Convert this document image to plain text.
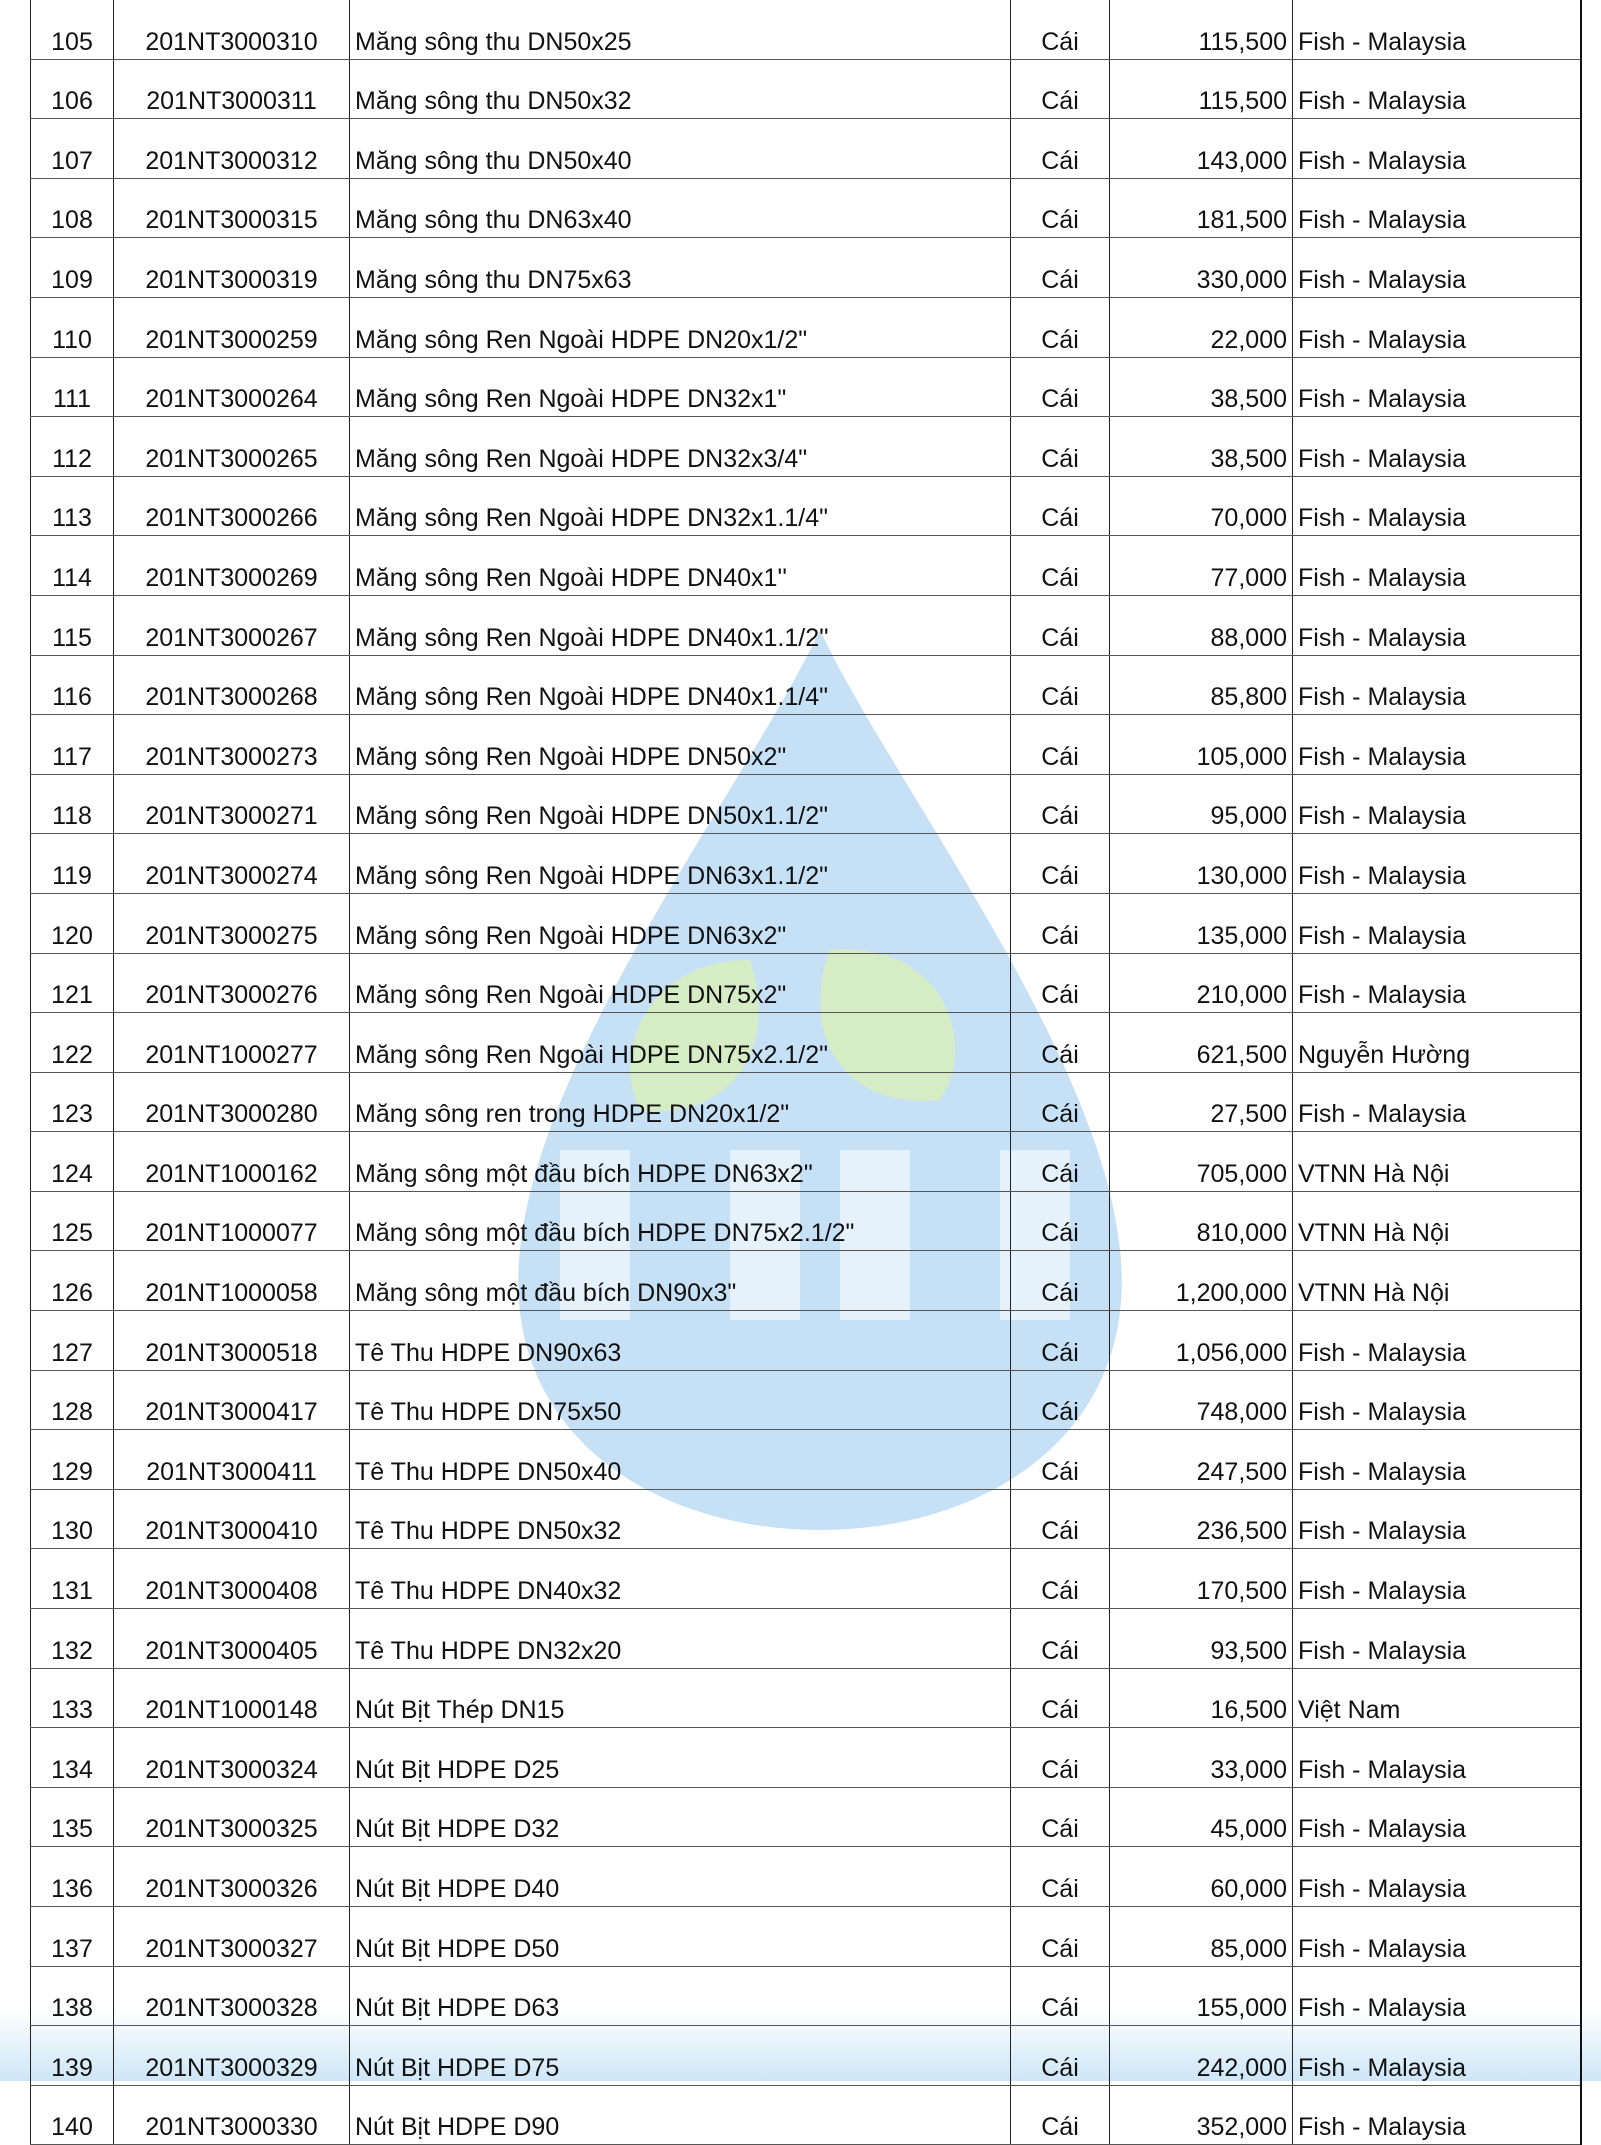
105	201NT3000310	Măng sông thu DN50x25	Cái	115,500	Fish - Malaysia
106	201NT3000311	Măng sông thu DN50x32	Cái	115,500	Fish - Malaysia
107	201NT3000312	Măng sông thu DN50x40	Cái	143,000	Fish - Malaysia
108	201NT3000315	Măng sông thu DN63x40	Cái	181,500	Fish - Malaysia
109	201NT3000319	Măng sông thu DN75x63	Cái	330,000	Fish - Malaysia
110	201NT3000259	Măng sông Ren Ngoài HDPE DN20x1/2"	Cái	22,000	Fish - Malaysia
111	201NT3000264	Măng sông Ren Ngoài HDPE DN32x1"	Cái	38,500	Fish - Malaysia
112	201NT3000265	Măng sông Ren Ngoài HDPE DN32x3/4"	Cái	38,500	Fish - Malaysia
113	201NT3000266	Măng sông Ren Ngoài HDPE DN32x1.1/4"	Cái	70,000	Fish - Malaysia
114	201NT3000269	Măng sông Ren Ngoài HDPE DN40x1''	Cái	77,000	Fish - Malaysia
115	201NT3000267	Măng sông Ren Ngoài HDPE DN40x1.1/2''	Cái	88,000	Fish - Malaysia
116	201NT3000268	Măng sông Ren Ngoài HDPE DN40x1.1/4"	Cái	85,800	Fish - Malaysia
117	201NT3000273	Măng sông Ren Ngoài HDPE DN50x2"	Cái	105,000	Fish - Malaysia
118	201NT3000271	Măng sông Ren Ngoài HDPE DN50x1.1/2"	Cái	95,000	Fish - Malaysia
119	201NT3000274	Măng sông Ren Ngoài HDPE DN63x1.1/2"	Cái	130,000	Fish - Malaysia
120	201NT3000275	Măng sông Ren Ngoài HDPE DN63x2"	Cái	135,000	Fish - Malaysia
121	201NT3000276	Măng sông Ren Ngoài HDPE DN75x2"	Cái	210,000	Fish - Malaysia
122	201NT1000277	Măng sông Ren Ngoài HDPE DN75x2.1/2"	Cái	621,500	Nguyễn Hường
123	201NT3000280	Măng sông ren trong HDPE DN20x1/2"	Cái	27,500	Fish - Malaysia
124	201NT1000162	Măng sông một đầu bích HDPE DN63x2"	Cái	705,000	VTNN Hà Nội
125	201NT1000077	Măng sông một đầu bích HDPE DN75x2.1/2"	Cái	810,000	VTNN Hà Nội
126	201NT1000058	Măng sông một đầu bích DN90x3"	Cái	1,200,000	VTNN Hà Nội
127	201NT3000518	Tê Thu HDPE DN90x63	Cái	1,056,000	Fish - Malaysia
128	201NT3000417	Tê Thu HDPE DN75x50	Cái	748,000	Fish - Malaysia
129	201NT3000411	Tê Thu HDPE DN50x40	Cái	247,500	Fish - Malaysia
130	201NT3000410	Tê Thu HDPE DN50x32	Cái	236,500	Fish - Malaysia
131	201NT3000408	Tê Thu HDPE DN40x32	Cái	170,500	Fish - Malaysia
132	201NT3000405	Tê Thu HDPE DN32x20	Cái	93,500	Fish - Malaysia
133	201NT1000148	Nút Bịt Thép DN15	Cái	16,500	Việt Nam
134	201NT3000324	Nút Bịt HDPE D25	Cái	33,000	Fish - Malaysia
135	201NT3000325	Nút Bịt HDPE D32	Cái	45,000	Fish - Malaysia
136	201NT3000326	Nút Bịt HDPE D40	Cái	60,000	Fish - Malaysia
137	201NT3000327	Nút Bịt HDPE D50	Cái	85,000	Fish - Malaysia
138	201NT3000328	Nút Bịt HDPE D63	Cái	155,000	Fish - Malaysia
139	201NT3000329	Nút Bịt HDPE D75	Cái	242,000	Fish - Malaysia
140	201NT3000330	Nút Bịt HDPE D90	Cái	352,000	Fish - Malaysia
